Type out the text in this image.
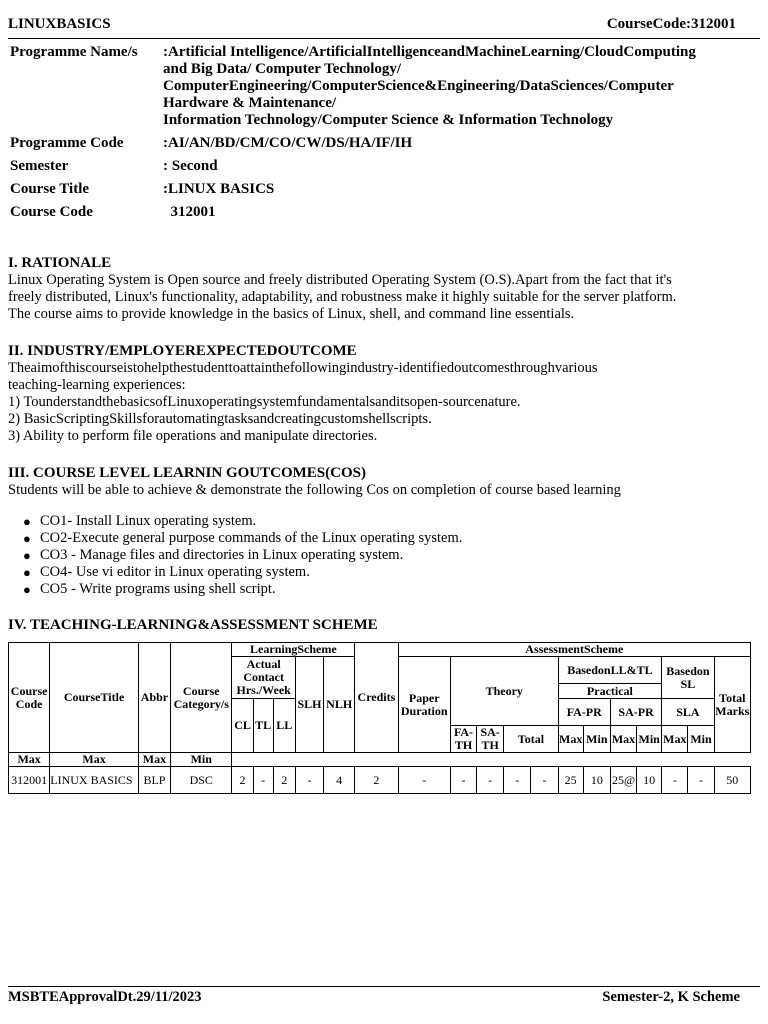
LINUXBASICS	CourseCode:312001
Programme Name/s	:Artificial Intelligence/ArtificialIntelligenceandMachineLearning/CloudComputing
and Big Data/ Computer Technology/
ComputerEngineering/ComputerScience&Engineering/DataSciences/Computer
Hardware & Maintenance/
Information Technology/Computer Science & Information Technology

Programme Code	:AI/AN/BD/CM/CO/CW/DS/HA/IF/IH
Semester	: Second
Course Title	:LINUX BASICS
Course Code	312001
I. RATIONALE

Linux Operating System is Open source and freely distributed Operating System (O.S).Apart from the fact that it's

freely distributed, Linux's functionality, adaptability, and robustness make it highly suitable for the server platform.

The course aims to provide knowledge in the basics of Linux, shell, and command line essentials.

II. INDUSTRY/EMPLOYEREXPECTEDOUTCOME

Theaimofthiscourseistohelpthestudenttoattainthefollowingindustry-identifiedoutcomesthroughvarious

teaching-learning experiences:

1) TounderstandthebasicsofLinuxoperatingsystemfundamentalsanditsopen-sourcenature.

2) BasicScriptingSkillsforautomatingtasksandcreatingcustomshellscripts.

3) Ability to perform file operations and manipulate directories.

III. COURSE LEVEL LEARNIN GOUTCOMES(COS)

Students will be able to achieve & demonstrate the following Cos on completion of course based learning

● CO1- Install Linux operating system.
● CO2-Execute general purpose commands of the Linux operating system.
● CO3 - Manage files and directories in Linux operating system.
● CO4- Use vi editor in Linux operating system.
● CO5 - Write programs using shell script.
IV. TEACHING-LEARNING&ASSESSMENT SCHEME
Course Code	CourseTitle	Abbr	Course Category/s	LearningScheme					Credits	AssessmentScheme											
				Actual Contact Hrs./Week			SLH	NLH		Paper Duration	Theory				BasedonLL&TL				Basedon SL		Total Marks
															Practical						
				CL	TL	LL									FA-PR		SA-PR		SLA		
											FA-TH	SA-TH	Total		Max	Min	Max	Min	Max	Min	
Max	Max	Max	Min																		
312001	LINUX BASICS	BLP	DSC	2	-	2	-	4	2	-	-	-	-	-	25	10	25@	10	-	-	50
MSBTEApprovalDt.29/11/2023	Semester-2, K Scheme
